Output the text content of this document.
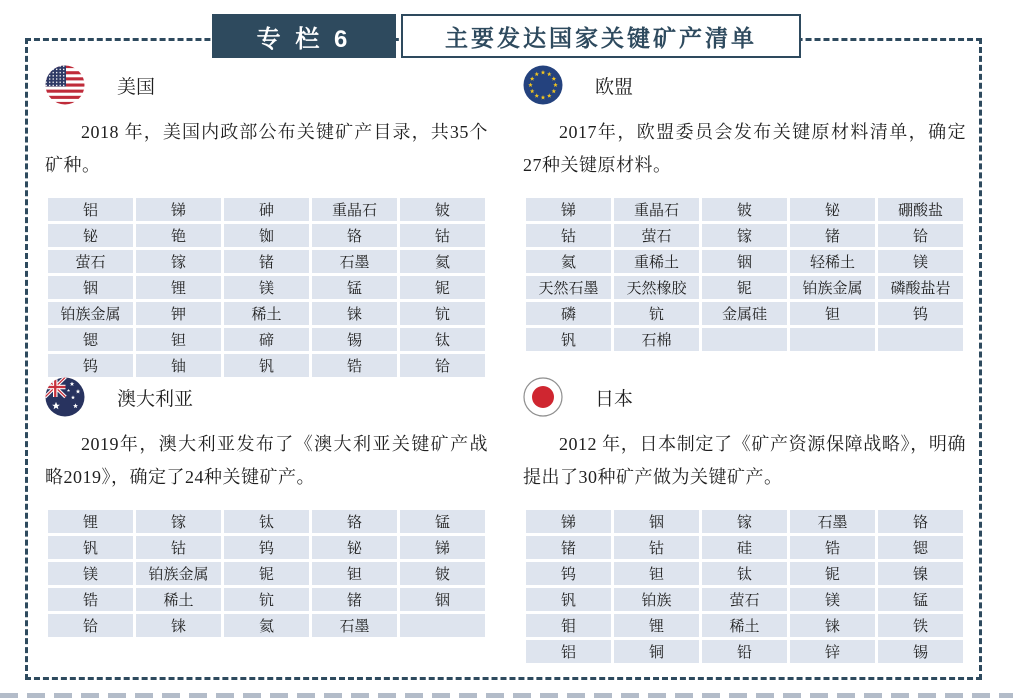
专 栏 6	主要发达国家关键矿产清单
美国

2018 年，美国内政部公布关键矿产目录，共35个矿种。

铝	锑	砷	重晶石	铍
铋	铯	铷	铬	钴
萤石	镓	锗	石墨	氦
铟	锂	镁	锰	铌
铂族金属	钾	稀土	铼	钪
锶	钽	碲	锡	钛
钨	铀	钒	锆	铪
欧盟

2017年，欧盟委员会发布关键原材料清单，确定27种关键原材料。

锑	重晶石	铍	铋	硼酸盐
钴	萤石	镓	锗	铪
氦	重稀土	铟	轻稀土	镁
天然石墨	天然橡胶	铌	铂族金属	磷酸盐岩
磷	钪	金属硅	钽	钨
钒	石棉			
澳大利亚

2019年，澳大利亚发布了《澳大利亚关键矿产战略2019》，确定了24种关键矿产。

锂	镓	钛	铬	锰
钒	钴	钨	铋	锑
镁	铂族金属	铌	钽	铍
锆	稀土	钪	锗	铟
铪	铼	氦	石墨	
日本

2012 年，日本制定了《矿产资源保障战略》，明确提出了30种矿产做为关键矿产。

锑	铟	镓	石墨	铬
锗	钴	硅	锆	锶
钨	钽	钛	铌	镍
钒	铂族	萤石	镁	锰
钼	锂	稀土	铼	铁
铝	铜	铅	锌	锡
